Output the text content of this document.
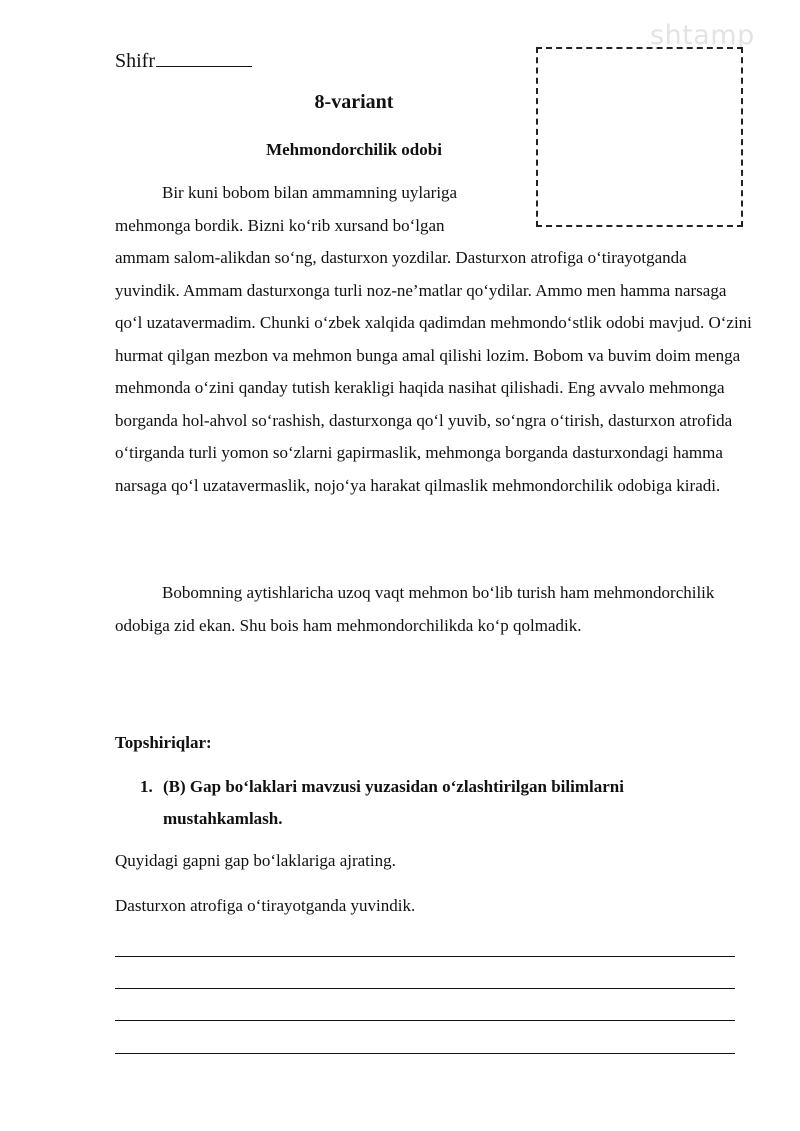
shtamp
Shifr
8-variant
Mehmondorchilik odobi

Bir kuni bobom bilan ammamning uylariga mehmonga bordik. Bizni ko‘rib xursand bo‘lgan

ammam salom-alikdan so‘ng, dasturxon yozdilar. Dasturxon atrofiga o‘tirayotganda yuvindik. Ammam dasturxonga turli noz-ne’matlar qo‘ydilar. Ammo men hamma narsaga qo‘l uzatavermadim. Chunki o‘zbek xalqida qadimdan mehmondo‘stlik odobi mavjud. O‘zini hurmat qilgan mezbon va mehmon bunga amal qilishi lozim. Bobom va buvim doim menga mehmonda o‘zini qanday tutish kerakligi haqida nasihat qilishadi. Eng avvalo mehmonga borganda hol-ahvol so‘rashish, dasturxonga qo‘l yuvib, so‘ngra o‘tirish, dasturxon atrofida o‘tirganda turli yomon so‘zlarni gapirmaslik, mehmonga borganda dasturxondagi hamma narsaga qo‘l uzatavermaslik, nojo‘ya harakat qilmaslik mehmondorchilik odobiga kiradi.

Bobomning aytishlaricha uzoq vaqt mehmon bo‘lib turish ham mehmondorchilik odobiga zid ekan. Shu bois ham mehmondorchilikda ko‘p qolmadik.

Topshiriqlar:
1. (B) Gap bo‘laklari mavzusi yuzasidan o‘zlashtirilgan bilimlarni mustahkamlash.
Quyidagi gapni gap bo‘laklariga ajrating.
Dasturxon atrofiga o‘tirayotganda yuvindik.
